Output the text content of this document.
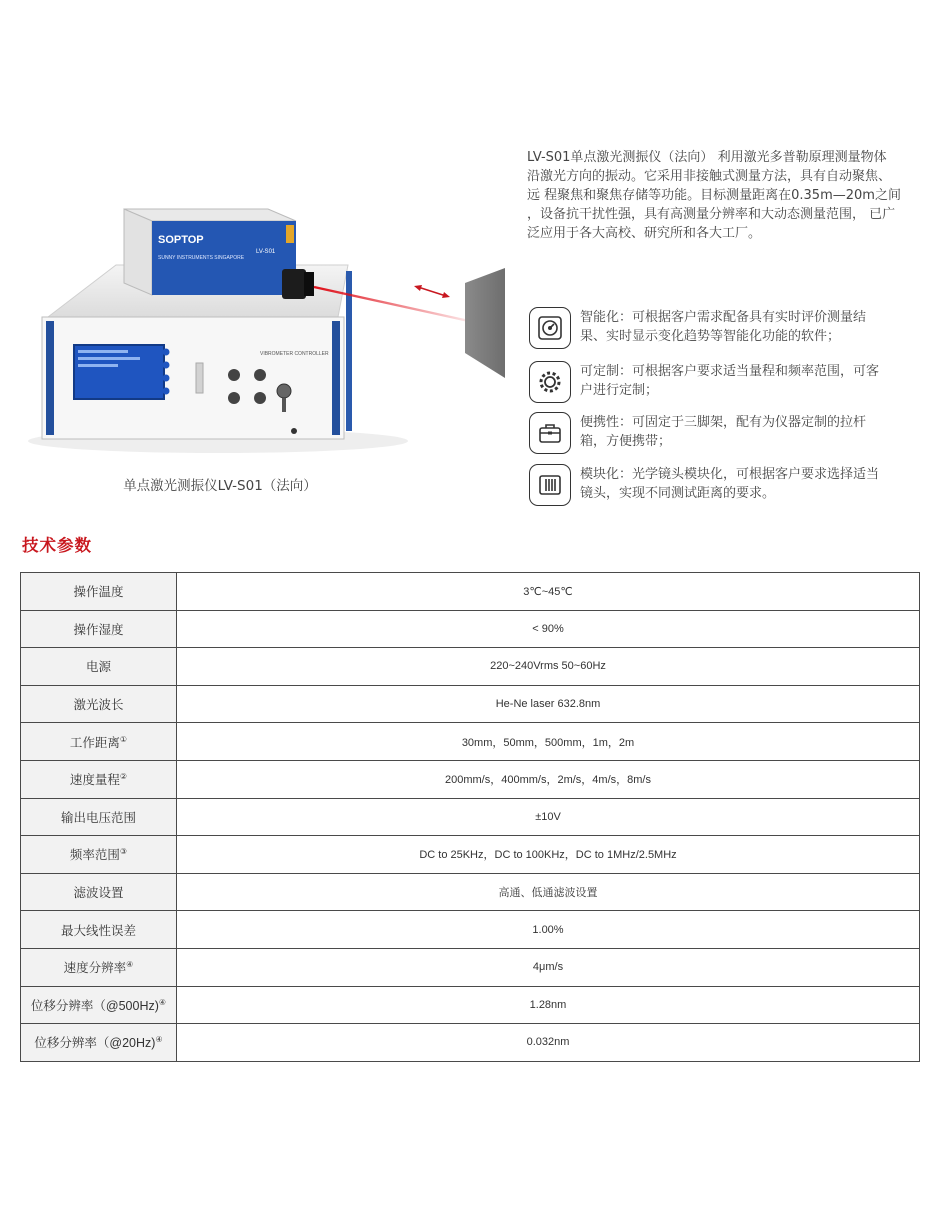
VIBROMETER CONTROLLER
SOPTOP
SUNNY INSTRUMENTS SINGAPORE
LV-S01
单点激光测振仪LV-S01（法向）
LV-S01单点激光测振仪（法向） 利用激光多普勒原理测量物体
沿激光方向的振动。它采用非接触式测量方法，具有自动聚焦、
远 程聚焦和聚焦存储等功能。目标测量距离在0.35m—20m之间
，设备抗干扰性强，具有高测量分辨率和大动态测量范围， 已广
泛应用于各大高校、研究所和各大工厂。
智能化：可根据客户需求配备具有实时评价测量结果、实时显示变化趋势等智能化功能的软件；
可定制：可根据客户要求适当量程和频率范围，可客户进行定制；
便携性：可固定于三脚架，配有为仪器定制的拉杆箱，方便携带；
模块化：光学镜头模块化，可根据客户要求选择适当镜头，实现不同测试距离的要求。
技术参数
操作温度	3℃~45℃
操作湿度	< 90%
电源	220~240Vrms 50~60Hz
激光波长	He-Ne laser 632.8nm
工作距离①	30mm，50mm，500mm，1m，2m
速度量程②	200mm/s，400mm/s，2m/s，4m/s，8m/s
输出电压范围	±10V
频率范围③	DC to 25KHz，DC to 100KHz，DC to 1MHz/2.5MHz
滤波设置	高通、低通滤波设置
最大线性误差	1.00%
速度分辨率④	4μm/s
位移分辨率（@500Hz)④	1.28nm
位移分辨率（@20Hz)④	0.032nm
